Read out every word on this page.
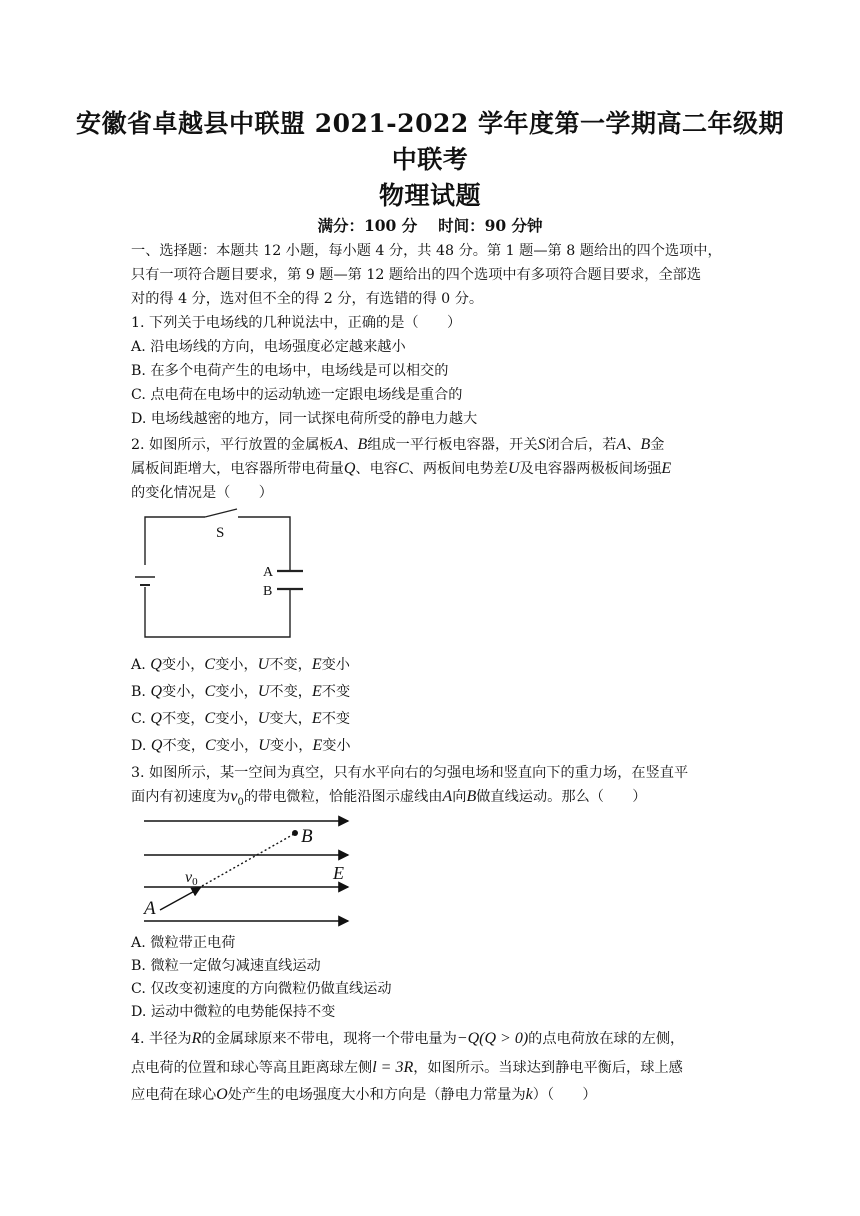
安徽省卓越县中联盟 2021-2022 学年度第一学期高二年级期
中联考
物理试题
满分：100 分　 时间：90 分钟
一、选择题：本题共 12 小题，每小题 4 分，共 48 分。第 1 题—第 8 题给出的四个选项中，
只有一项符合题目要求，第 9 题—第 12 题给出的四个选项中有多项符合题目要求，全部选
对的得 4 分，选对但不全的得 2 分，有选错的得 0 分。
1. 下列关于电场线的几种说法中，正确的是（　　）
A. 沿电场线的方向，电场强度必定越来越小
B. 在多个电荷产生的电场中，电场线是可以相交的
C. 点电荷在电场中的运动轨迹一定跟电场线是重合的
D. 电场线越密的地方，同一试探电荷所受的静电力越大
2. 如图所示，平行放置的金属板A、B组成一平行板电容器，开关S闭合后，若A、B金
属板间距增大，电容器所带电荷量Q、电容C、两板间电势差U及电容器两极板间场强E
的变化情况是（　　）
S
A
B
A. Q变小，C变小，U不变，E变小
B. Q变小，C变小，U不变，E不变
C. Q不变，C变小，U变大，E不变
D. Q不变，C变小，U变小，E变小
3. 如图所示，某一空间为真空，只有水平向右的匀强电场和竖直向下的重力场，在竖直平
面内有初速度为$v_0$的带电微粒，恰能沿图示虚线由A向B做直线运动。那么（　　）
B
E
v0
A
A. 微粒带正电荷
B. 微粒一定做匀减速直线运动
C. 仅改变初速度的方向微粒仍做直线运动
D. 运动中微粒的电势能保持不变
4. 半径为R的金属球原来不带电，现将一个带电量为−Q(Q > 0)的点电荷放在球的左侧，
点电荷的位置和球心等高且距离球左侧l = 3R，如图所示。当球达到静电平衡后，球上感
应电荷在球心O处产生的电场强度大小和方向是（静电力常量为k）（　　）
